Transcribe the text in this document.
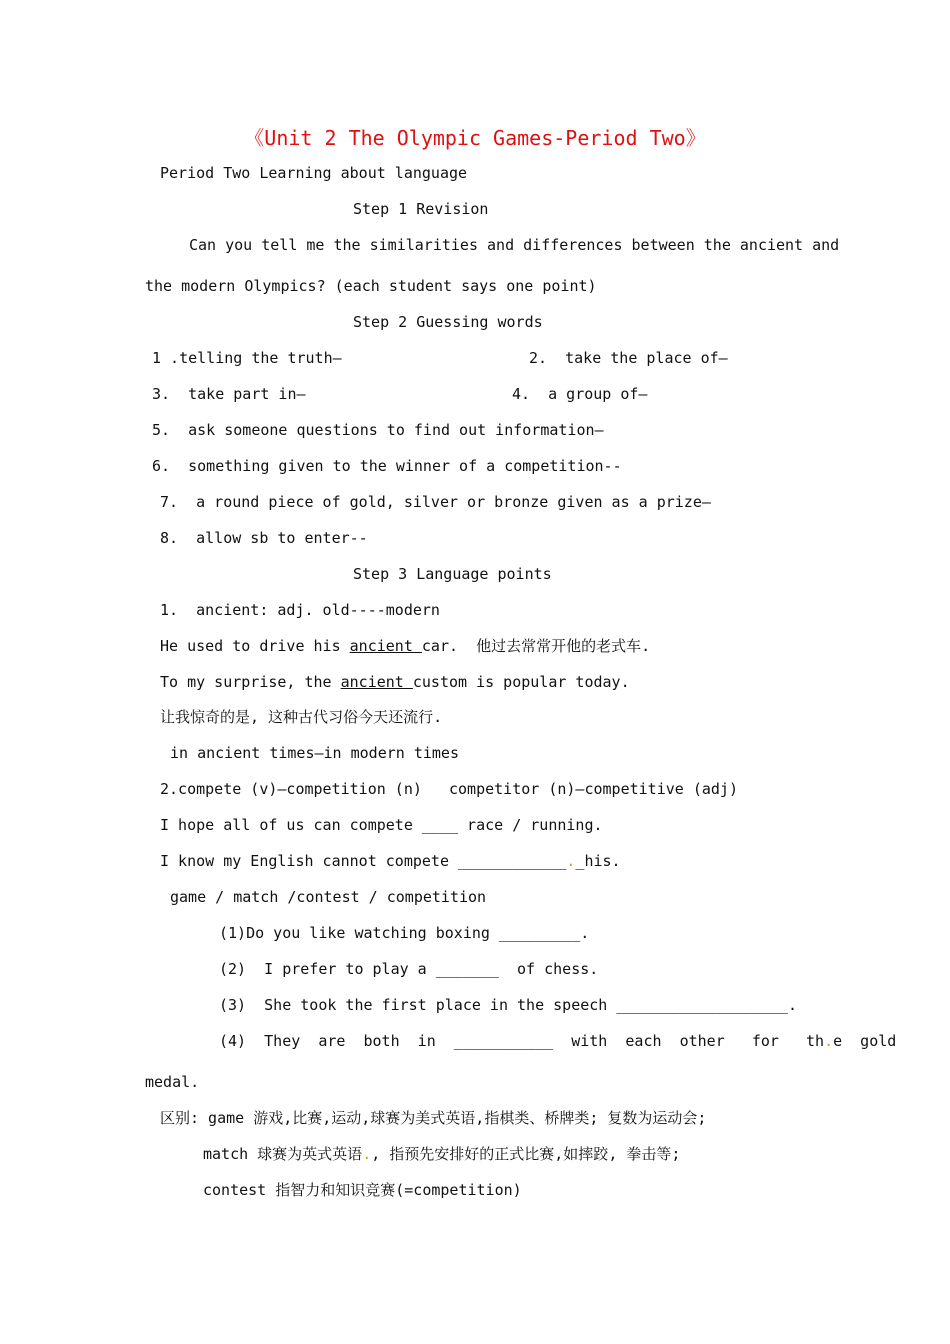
《Unit 2 The Olympic Games-Period Two》
Period Two Learning about language
Step 1 Revision
Can you tell me the similarities and differences between the ancient and
the modern Olympics? (each student says one point)
Step 2 Guessing words
1 .telling the truth—	2.  take the place of—
3.  take part in—	4.  a group of—
5.  ask someone questions to find out information—
6.  something given to the winner of a competition--
7.  a round piece of gold, silver or bronze given as a prize—
8.  allow sb to enter--
Step 3 Language points
1.  ancient: adj. old----modern
He used to drive his ancient car.  他过去常常开他的老式车.
To my surprise, the ancient custom is popular today.
让我惊奇的是, 这种古代习俗今天还流行.
in ancient times—in modern times
2.compete (v)—competition (n)   competitor (n)—competitive (adj)
I hope all of us can compete ____ race / running.
I know my English cannot compete ____________._his.
game / match /contest / competition
(1)Do you like watching boxing _________.
(2)  I prefer to play a _______  of chess.
(3)  She took the first place in the speech ___________________.
(4)  They  are  both  in  ___________  with  each  other   for   th.e  gold
medal.
区别: game 游戏,比赛,运动,球赛为美式英语,指棋类、桥牌类; 复数为运动会;
match 球赛为英式英语., 指预先安排好的正式比赛,如摔跤, 拳击等;
contest 指智力和知识竞赛(=competition)
